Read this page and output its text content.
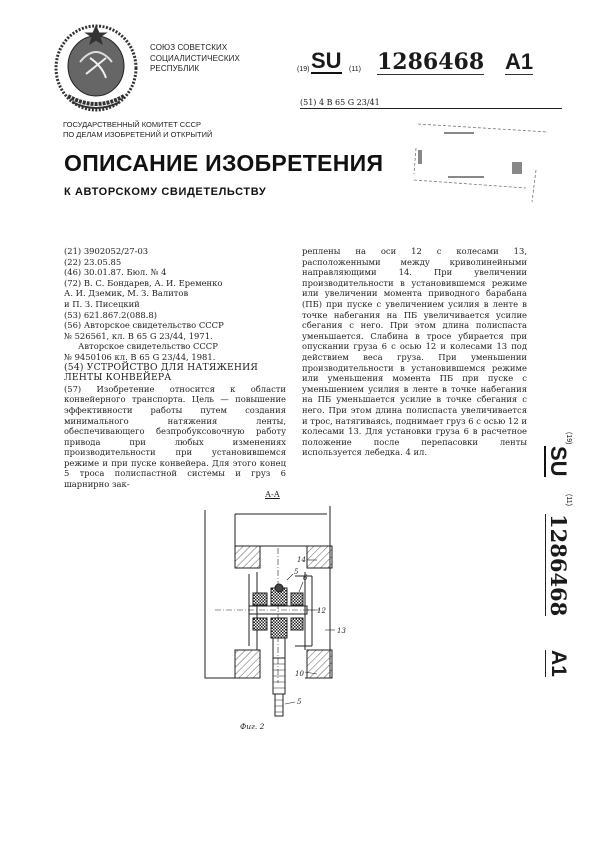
СОЮЗ СОВЕТСКИХ
СОЦИАЛИСТИЧЕСКИХ
РЕСПУБЛИК	(19) SU (11) 1286468 A1
(51) 4 B 65 G 23/41
ГОСУДАРСТВЕННЫЙ КОМИТЕТ СССР
ПО ДЕЛАМ ИЗОБРЕТЕНИЙ И ОТКРЫТИЙ
ОПИСАНИЕ ИЗОБРЕТЕНИЯ
К АВТОРСКОМУ СВИДЕТЕЛЬСТВУ
(21) 3902052/27-03
(22) 23.05.85
(46) 30.01.87. Бюл. № 4
(72) В. С. Бондарев, А. И. Еременко
А. И. Дземик, М. З. Валитов
и П. З. Писецкий
(53) 621.867.2(088.8)
(56) Авторское свидетельство СССР
№ 526561, кл. В 65 G 23/44, 1971.
Авторское свидетельство СССР
№ 9450106 кл. В 65 G 23/44, 1981.
(54) УСТРОЙСТВО ДЛЯ НАТЯЖЕНИЯ
ЛЕНТЫ КОНВЕЙЕРА

(57) Изобретение относится к области конвейерного транспорта. Цель — повышение эффективности работы путем создания минимального натяжения ленты, обеспечивающего безпробуксовочную работу привода при любых изменениях производительности при установившемся режиме и при пуске конвейера. Для этого конец 5 троса полиспастной системы и груз 6 шарнирно зак-

реплены на оси 12 с колесами 13, расположенными между криволинейными направляющими 14. При увеличении производительности в установившемся режиме или увеличении момента приводного барабана (ПБ) при пуске с увеличением усилия в ленте в точке набегания на ПБ увеличивается усилие сбегания с него. При этом длина полиспаста уменьшается. Слабина в тросе убирается при опускании груза 6 с осью 12 и колесами 13 под действием веса груза. При уменьшении производительности в установившемся режиме или уменьшения момента ПБ при пуске с уменьшением усилия в ленте в точке набегания на ПБ уменьшается усилие в точке сбегания с него. При этом длина полиспаста увеличивается и трос, натягиваясь, поднимает груз 6 с осью 12 и колесами 13. Для установки груза 6 в расчетное положение после перепасовки ленты используется лебедка. 4 ил.

(19)
SU
(11)
1286468
A1
А-А
14
5
6
12
13
10
5
Фиг. 2
